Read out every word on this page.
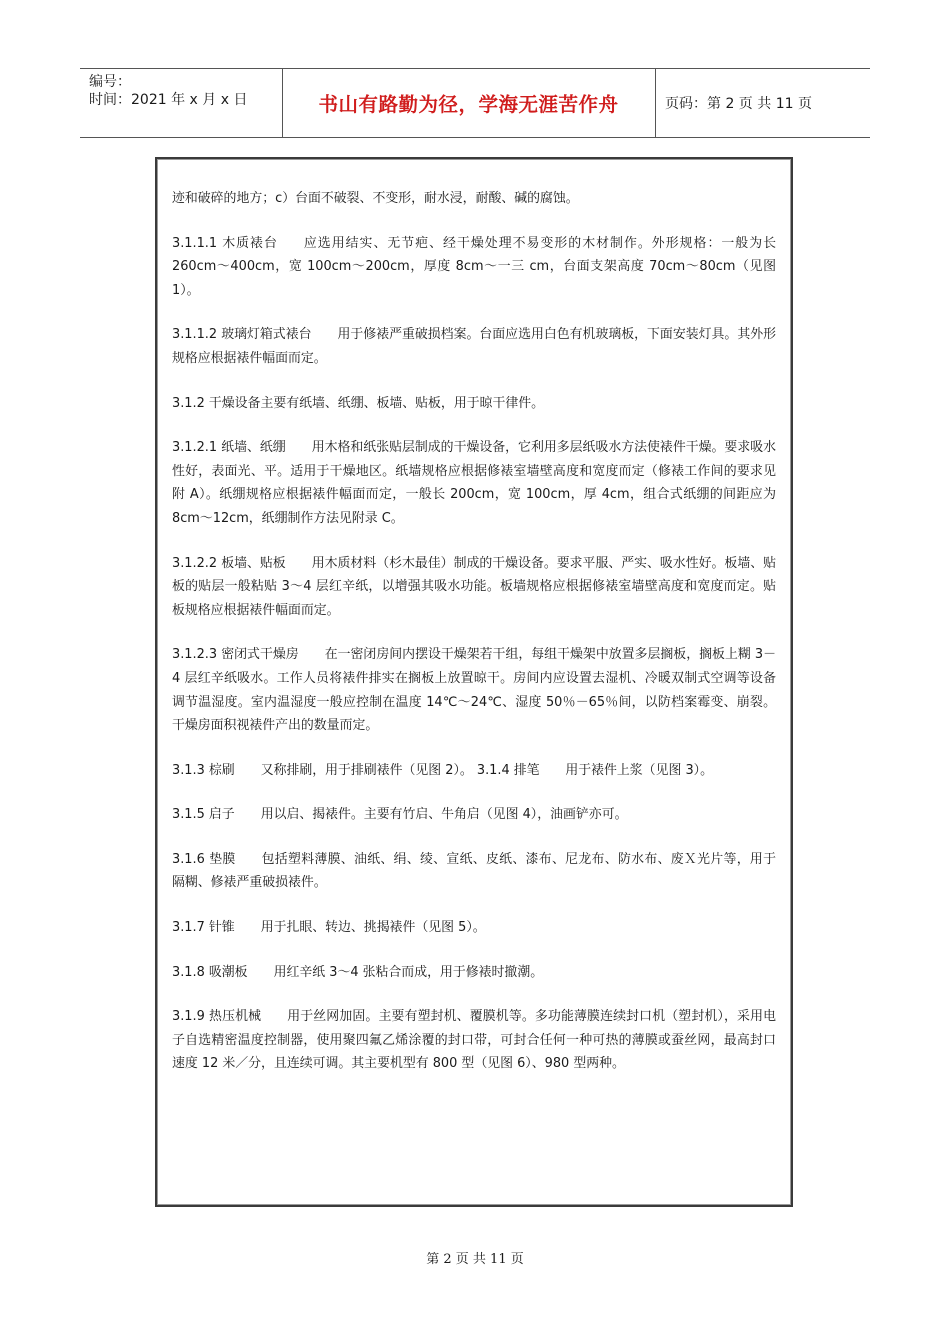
编号：
时间：2021 年 x 月 x 日	书山有路勤为径，学海无涯苦作舟	页码：第 2 页 共 11 页

迹和破碎的地方；c）台面不破裂、不变形，耐水浸，耐酸、碱的腐蚀。

3.1.1.1 木质裱台 应选用结实、无节疤、经干燥处理不易变形的木材制作。外形规格：一般为长 260cm～400cm，宽 100cm～200cm，厚度 8cm～一三 cm，台面支架高度 70cm～80cm（见图 1）。

3.1.1.2 玻璃灯箱式裱台 用于修裱严重破损档案。台面应选用白色有机玻璃板，下面安装灯具。其外形规格应根据裱件幅面而定。

3.1.2 干燥设备主要有纸墙、纸绷、板墙、贴板，用于晾干律件。

3.1.2.1 纸墙、纸绷 用木格和纸张贴层制成的干燥设备，它利用多层纸吸水方法使裱件干燥。要求吸水性好，表面光、平。适用于干燥地区。纸墙规格应根据修裱室墙壁高度和宽度而定（修裱工作间的要求见附 A）。纸绷规格应根据裱件幅面而定，一般长 200cm，宽 100cm，厚 4cm，组合式纸绷的间距应为 8cm～12cm，纸绷制作方法见附录 C。

3.1.2.2 板墙、贴板 用木质材料（杉木最佳）制成的干燥设备。要求平服、严实、吸水性好。板墙、贴板的贴层一般粘贴 3～4 层红辛纸，以增强其吸水功能。板墙规格应根据修裱室墙壁高度和宽度而定。贴板规格应根据裱件幅面而定。

3.1.2.3 密闭式干燥房 在一密闭房间内摆设干燥架若干组，每组干燥架中放置多层搁板，搁板上糊 3－4 层红辛纸吸水。工作人员将裱件排实在搁板上放置晾干。房间内应设置去湿机、冷暖双制式空调等设备调节温湿度。室内温湿度一般应控制在温度 14℃～24℃、湿度 50％－65％间，以防档案霉变、崩裂。干燥房面积视裱件产出的数量而定。

3.1.3 棕刷 又称排刷，用于排刷裱件（见图 2）。 3.1.4 排笔　　用于裱件上浆（见图 3）。

3.1.5 启子 用以启、揭裱件。主要有竹启、牛角启（见图 4），油画铲亦可。

3.1.6 垫膜 包括塑料薄膜、油纸、绢、绫、宣纸、皮纸、漆布、尼龙布、防水布、废Ｘ光片等，用于隔糊、修裱严重破损裱件。

3.1.7 针锥 用于扎眼、转边、挑揭裱件（见图 5）。

3.1.8 吸潮板 用红辛纸 3～4 张粘合而成，用于修裱时撤潮。

3.1.9 热压机械 用于丝网加固。主要有塑封机、覆膜机等。多功能薄膜连续封口机（塑封机），采用电子自选精密温度控制器，使用聚四氟乙烯涂覆的封口带，可封合任何一种可热的薄膜或蚕丝网，最高封口速度 12 米／分，且连续可调。其主要机型有 800 型（见图 6）、980 型两种。

第 2 页 共 11 页
